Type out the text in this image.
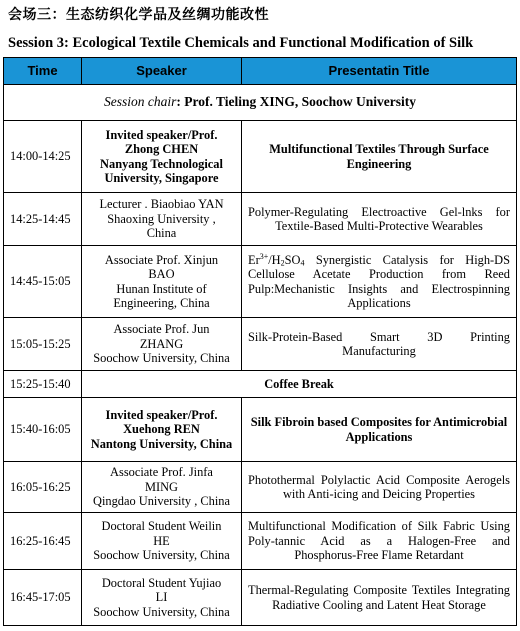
会场三：生态纺织化学品及丝绸功能改性
Session 3: Ecological Textile Chemicals and Functional Modification of Silk
Time	Speaker	Presentatin Title
Session chair: Prof. Tieling XING, Soochow University		
14:00-14:25	Invited speaker/Prof.
Zhong CHEN
Nanyang Technological
University, Singapore	Multifunctional Textiles Through Surface Engineering
14:25-14:45	Lecturer . Biaobiao YAN
Shaoxing University ,
China	Polymer-Regulating Electroactive Gel-lnks for Textile-Based Multi-Protective Wearables
14:45-15:05	Associate Prof. Xinjun
BAO
Hunan Institute of
Engineering, China	$Er^{3+}/H2SO4$ Synergistic Catalysis for High-DS Cellulose Acetate Production from Reed Pulp:Mechanistic Insights and Electrospinning Applications
15:05-15:25	Associate Prof. Jun
ZHANG
Soochow University, China	Silk-Protein-Based Smart 3D Printing Manufacturing
15:25-15:40	Coffee Break	
15:40-16:05	Invited speaker/Prof.
Xuehong REN
Nantong University, China	Silk Fibroin based Composites for Antimicrobial Applications
16:05-16:25	Associate Prof. Jinfa
MING
Qingdao University , China	Photothermal Polylactic Acid Composite Aerogels with Anti-icing and Deicing Properties
16:25-16:45	Doctoral Student Weilin
HE
Soochow University, China	Multifunctional Modification of Silk Fabric Using Poly-tannic Acid as a Halogen-Free and Phosphorus-Free Flame Retardant
16:45-17:05	Doctoral Student Yujiao
LI
Soochow University, China	Thermal-Regulating Composite Textiles Integrating Radiative Cooling and Latent Heat Storage
